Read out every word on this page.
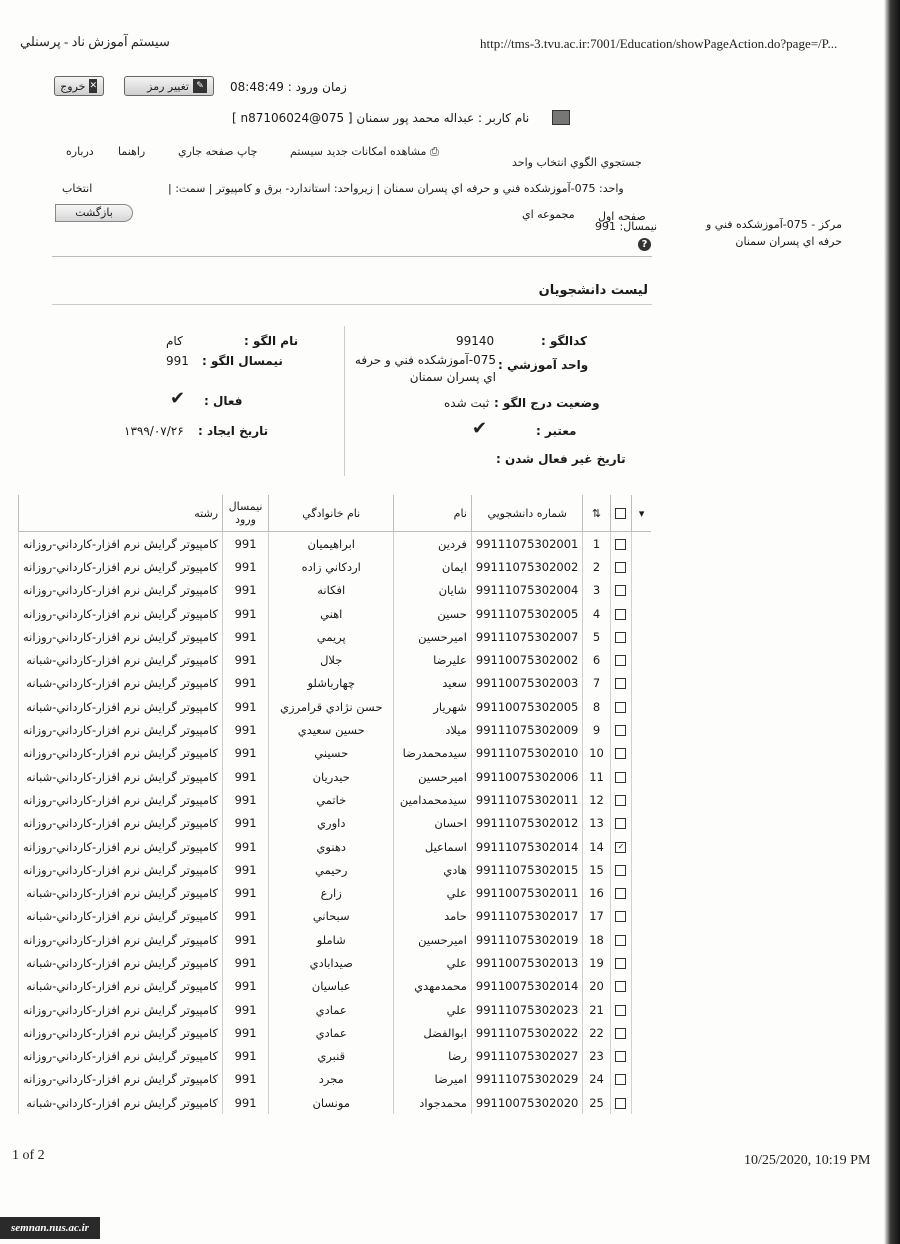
سیستم آموزش ناد - پرسنلي	http://tms-3.tvu.ac.ir:7001/Education/showPageAction.do?page=/P...
✕
خروج	✎
تغيير رمز	زمان ورود : 08:48:49
نام كاربر : عبداله محمد پور سمنان [ n87106024@075 ]
جستجوي الگوي انتخاب واحد
⎙ مشاهده امكانات جديد سيستم
چاپ صفحه جاري
راهنما
درباره
واحد: 075-آموزشكده فني و حرفه اي پسران سمنان | زيرواحد: استاندارد- برق و كامپيوتر | سمت: |
انتخاب
بازگشت	صفحه اول
مجموعه اي
نيمسال: 991	مركز - 075-آموزشكده فني و حرفه اي پسران سمنان
?
ليست دانشجويان
كدالگو :
99140
واحد آموزشي :
075-آموزشكده فني و حرفه اي پسران سمنان
وضعيت درج الگو :
ثبت شده
معتبر :
✔
تاريخ غير فعال شدن :
نام الگو :
كام
نيمسال الگو :
991
فعال :
✔
تاريخ ايجاد :
۱۳۹۹/۰۷/۲۶
▾		⇅	شماره دانشجويي	نام	نام خانوادگي	نيمسال ورود	رشته
		1	99111075302001	فردين	ابراهيميان	991	كامپيوتر گرايش نرم افزار-كارداني-روزانه
		2	99111075302002	ايمان	اردكاني زاده	991	كامپيوتر گرايش نرم افزار-كارداني-روزانه
		3	99111075302004	شايان	افكانه	991	كامپيوتر گرايش نرم افزار-كارداني-روزانه
		4	99111075302005	حسين	اهني	991	كامپيوتر گرايش نرم افزار-كارداني-روزانه
		5	99111075302007	اميرحسين	پريمي	991	كامپيوتر گرايش نرم افزار-كارداني-روزانه
		6	99110075302002	عليرضا	جلال	991	كامپيوتر گرايش نرم افزار-كارداني-شبانه
		7	99110075302003	سعيد	چهارباشلو	991	كامپيوتر گرايش نرم افزار-كارداني-شبانه
		8	99110075302005	شهريار	حسن نژادي قرامرزي	991	كامپيوتر گرايش نرم افزار-كارداني-شبانه
		9	99111075302009	ميلاد	حسين سعيدي	991	كامپيوتر گرايش نرم افزار-كارداني-روزانه
		10	99111075302010	سيدمحمدرضا	حسيني	991	كامپيوتر گرايش نرم افزار-كارداني-روزانه
		11	99110075302006	اميرحسين	حيدريان	991	كامپيوتر گرايش نرم افزار-كارداني-شبانه
		12	99111075302011	سيدمحمدامين	خاتمي	991	كامپيوتر گرايش نرم افزار-كارداني-روزانه
		13	99111075302012	احسان	داوري	991	كامپيوتر گرايش نرم افزار-كارداني-روزانه
	✓	14	99111075302014	اسماعيل	دهنوي	991	كامپيوتر گرايش نرم افزار-كارداني-روزانه
		15	99111075302015	هادي	رحيمي	991	كامپيوتر گرايش نرم افزار-كارداني-روزانه
		16	99110075302011	علي	زارع	991	كامپيوتر گرايش نرم افزار-كارداني-شبانه
		17	99111075302017	حامد	سبحاني	991	كامپيوتر گرايش نرم افزار-كارداني-شبانه
		18	99111075302019	اميرحسين	شاملو	991	كامپيوتر گرايش نرم افزار-كارداني-روزانه
		19	99110075302013	علي	صيدابادي	991	كامپيوتر گرايش نرم افزار-كارداني-شبانه
		20	99110075302014	محمدمهدي	عباسيان	991	كامپيوتر گرايش نرم افزار-كارداني-شبانه
		21	99111075302023	علي	عمادي	991	كامپيوتر گرايش نرم افزار-كارداني-روزانه
		22	99111075302022	ابوالفضل	عمادي	991	كامپيوتر گرايش نرم افزار-كارداني-روزانه
		23	99111075302027	رضا	قنبري	991	كامپيوتر گرايش نرم افزار-كارداني-روزانه
		24	99111075302029	اميرضا	مجرد	991	كامپيوتر گرايش نرم افزار-كارداني-روزانه
		25	99110075302020	محمدجواد	مونسان	991	كامپيوتر گرايش نرم افزار-كارداني-شبانه
1 of 2	10/25/2020, 10:19 PM
semnan.nus.ac.ir
